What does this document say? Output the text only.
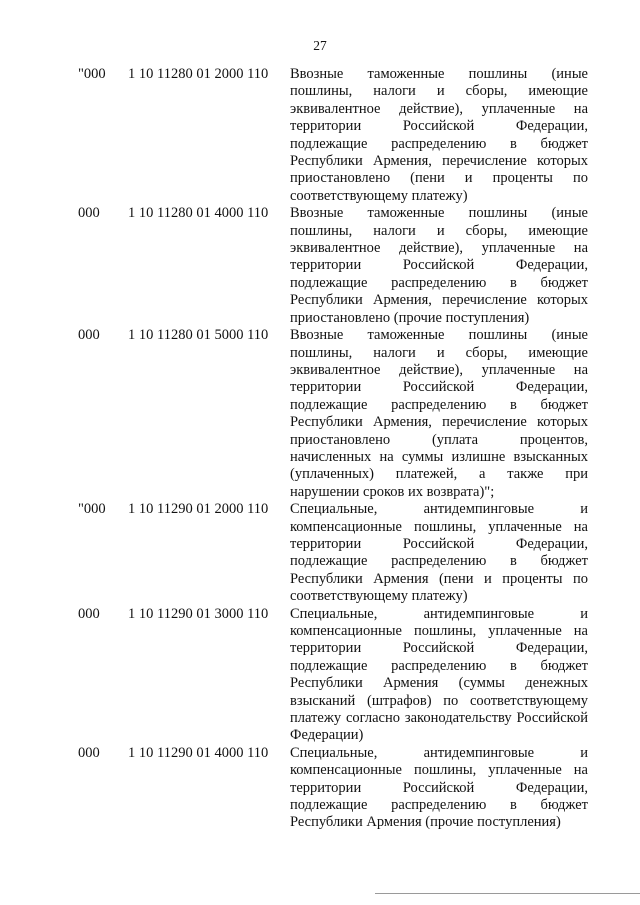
27
"000 1 10 11280 01 2000 110 Ввозные таможенные пошлины (иные
пошлины, налоги и сборы, имеющие
эквивалентное действие), уплаченные на
территории Российской Федерации,
подлежащие распределению в бюджет
Республики Армения, перечисление которых
приостановлено (пени и проценты по
соответствующему платежу)
000 1 10 11280 01 4000 110 Ввозные таможенные пошлины (иные
пошлины, налоги и сборы, имеющие
эквивалентное действие), уплаченные на
территории Российской Федерации,
подлежащие распределению в бюджет
Республики Армения, перечисление которых
приостановлено (прочие поступления)
000 1 10 11280 01 5000 110 Ввозные таможенные пошлины (иные
пошлины, налоги и сборы, имеющие
эквивалентное действие), уплаченные на
территории Российской Федерации,
подлежащие распределению в бюджет
Республики Армения, перечисление которых
приостановлено (уплата процентов,
начисленных на суммы излишне взысканных
(уплаченных) платежей, а также при
нарушении сроков их возврата)";
"000 1 10 11290 01 2000 110 Специальные, антидемпинговые и
компенсационные пошлины, уплаченные на
территории Российской Федерации,
подлежащие распределению в бюджет
Республики Армения (пени и проценты по
соответствующему платежу)
000 1 10 11290 01 3000 110 Специальные, антидемпинговые и
компенсационные пошлины, уплаченные на
территории Российской Федерации,
подлежащие распределению в бюджет
Республики Армения (суммы денежных
взысканий (штрафов) по соответствующему
платежу согласно законодательству Российской
Федерации)
000 1 10 11290 01 4000 110 Специальные, антидемпинговые и
компенсационные пошлины, уплаченные на
территории Российской Федерации,
подлежащие распределению в бюджет
Республики Армения (прочие поступления)
